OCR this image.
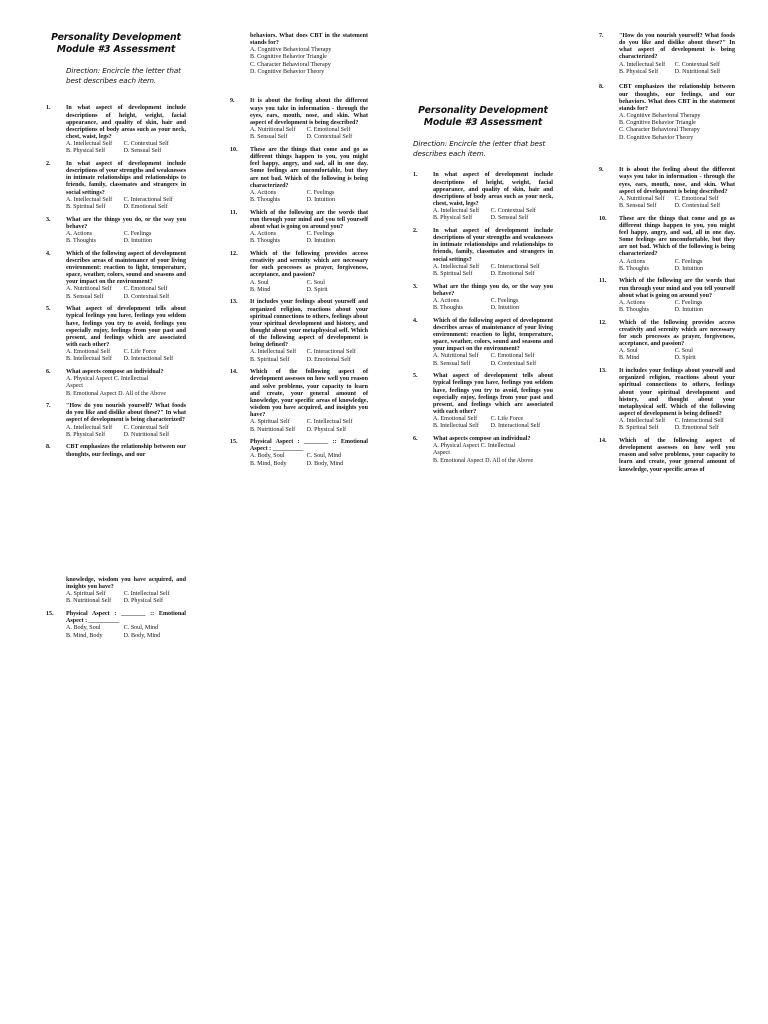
Personality Development
Module #3 Assessment
Direction: Encircle the letter that best describes each item.
1.	In what aspect of development include descriptions of height, weight, facial appearance, and quality of skin, hair and descriptions of body areas such as your neck, chest, waist, legs?
A. Intellectual Self	C. Contextual Self
B. Physical Self	D. Sensual Self
2.	In what aspect of development include descriptions of your strengths and weaknesses in intimate relationships and relationships to friends, family, classmates and strangers in social settings?
A. Intellectual Self	C. Interactional Self
B. Spiritual Self	D. Emotional Self
3.	What are the things you do, or the way you behave?
A. Actions	C. Feelings
B. Thoughts	D. Intuition
4.	Which of the following aspect of development describes areas of maintenance of your living environment: reaction to light, temperature, space, weather, colors, sound and seasons and your impact on the environment?
A. Nutritional Self	C. Emotional Self
B. Sensual Self	D. Contextual Self
5.	What aspect of development tells about typical feelings you have, feelings you seldom have, feelings you try to avoid, feelings you especially enjoy, feelings from your past and present, and feelings which are associated with each other?
A. Emotional Self	C. Life Force
B. Intellectual Self	D. Interactional Self
6.	What aspects compose an individual?
A. Physical Aspect C. Intellectual
Aspect
B. Emotional Aspect D. All of the Above
7.	"How do you nourish yourself? What foods do you like and dislike about these?" In what aspect of development is being characterized?
A. Intellectual Self	C. Contextual Self
B. Physical Self	D. Nutritional Self
8.	CBT emphasizes the relationship between our thoughts, our feelings, and our
knowledge, wisdom you have acquired, and insights you have?
A. Spiritual Self	C. Intellectual Self
B. Nutritional Self	D. Physical Self
15. Physical Aspect : ________ :: Emotional Aspect : __________
A. Body, Soul	C. Soul, Mind
B. Mind, Body	D. Body, Mind
behaviors. What does CBT in the statement stands for?
A. Cognitive Behavioral Therapy
B. Cognitive Behavior Triangle
C. Character Behavioral Therapy
D. Cognitive Behavior Theory
9.	It is about the feeling about the different ways you take in information - through the eyes, ears, mouth, nose, and skin. What aspect of development is being described?
A. Nutritional Self	C. Emotional Self
B. Sensual Self	D. Contextual Self
10. These are the things that come and go as different things happen to you, you might feel happy, angry, and sad, all in one day. Some feelings are uncomfortable, but they are not bad. Which of the following is being characterized?
A. Actions	C. Feelings
B. Thoughts	D. Intuition
11. Which of the following are the words that run through your mind and you tell yourself about what is going on around you?
A. Actions	C. Feelings
B. Thoughts	D. Intuition
12. Which of the following provides access creativity and serenity which are necessary for such processes as prayer, forgiveness, acceptance, and passion?
A. Soul	C. Soul
B. Mind	D. Spirit
13. It includes your feelings about yourself and organized religion, reactions about your spiritual connections to others, feelings about your spiritual development and history, and thought about your metaphysical self. Which of the following aspect of development is being defined?
A. Intellectual Self	C. Interactional Self
B. Spiritual Self	D. Emotional Self
14. Which of the following aspect of development assesses on how well you reason and solve problems, your capacity to learn and create, your general amount of knowledge, your specific areas of knowledge, wisdom you have acquired, and insights you have?
A. Spiritual Self	C. Intellectual Self
B. Nutritional Self	D. Physical Self
15. Physical Aspect : ________ :: Emotional Aspect : __________
A. Body, Soul	C. Soul, Mind
B. Mind, Body	D. Body, Mind
Personality Development
Module #3 Assessment
Direction: Encircle the letter that best describes each item.
1.	In what aspect of development include descriptions of height, weight, facial appearance, and quality of skin, hair and descriptions of body areas such as your neck, chest, waist, legs?
A. Intellectual Self	C. Contextual Self
B. Physical Self	D. Sensual Self
2.	In what aspect of development include descriptions of your strengths and weaknesses in intimate relationships and relationships to friends, family, classmates and strangers in social settings?
A. Intellectual Self	C. Interactional Self
B. Spiritual Self	D. Emotional Self
3.	What are the things you do, or the way you behave?
A. Actions	C. Feelings
B. Thoughts	D. Intuition
4.	Which of the following aspect of development describes areas of maintenance of your living environment: reaction to light, temperature, space, weather, colors, sound and seasons and your impact on the environment?
A. Nutritional Self	C. Emotional Self
B. Sensual Self	D. Contextual Self
5.	What aspect of development tells about typical feelings you have, feelings you seldom have, feelings you try to avoid, feelings you especially enjoy, feelings from your past and present, and feelings which are associated with each other?
A. Emotional Self	C. Life Force
B. Intellectual Self	D. Interactional Self
6.	What aspects compose an individual?
A. Physical Aspect C. Intellectual
Aspect
B. Emotional Aspect D. All of the Above
7.	"How do you nourish yourself? What foods do you like and dislike about these?" In what aspect of development is being characterized?
A. Intellectual Self	C. Contextual Self
B. Physical Self	D. Nutritional Self
8.	CBT emphasizes the relationship between our thoughts, our feelings, and our behaviors. What does CBT in the statement stands for?
A. Cognitive Behavioral Therapy
B. Cognitive Behavior Triangle
C. Character Behavioral Therapy
D. Cognitive Behavior Theory
9.	It is about the feeling about the different ways you take in information - through the eyes, ears, mouth, nose, and skin. What aspect of development is being described?
A. Nutritional Self	C. Emotional Self
B. Sensual Self	D. Contextual Self
10. These are the things that come and go as different things happen to you, you might feel happy, angry, and sad, all in one day. Some feelings are uncomfortable, but they are not bad. Which of the following is being characterized?
A. Actions	C. Feelings
B. Thoughts	D. Intuition
11. Which of the following are the words that run through your mind and you tell yourself about what is going on around you?
A. Actions	C. Feelings
B. Thoughts	D. Intuition
12. Which of the following provides access creativity and serenity which are necessary for such processes as prayer, forgiveness, acceptance, and passion?
A. Soul	C. Soul
B. Mind	D. Spirit
13. It includes your feelings about yourself and organized religion, reactions about your spiritual connections to others, feelings about your spiritual development and history, and thought about your metaphysical self. Which of the following aspect of development is being defined?
A. Intellectual Self	C. Interactional Self
B. Spiritual Self	D. Emotional Self
14. Which of the following aspect of development assesses on how well you reason and solve problems, your capacity to learn and create, your general amount of knowledge, your specific areas of
